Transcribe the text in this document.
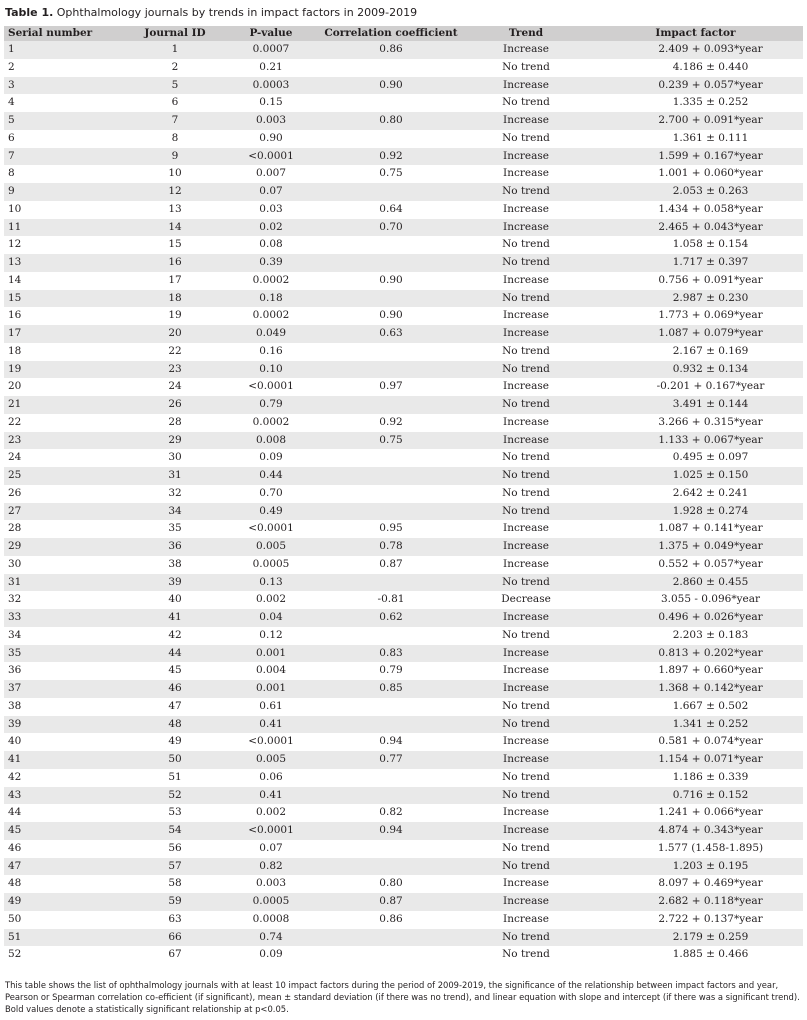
Table 1. Ophthalmology journals by trends in impact factors in 2009-2019
Serial number	Journal ID	P-value	Correlation coefficient	Trend	Impact factor
1	1	0.0007	0.86	Increase	2.409 + 0.093*year
2	2	0.21		No trend	4.186 ± 0.440
3	5	0.0003	0.90	Increase	0.239 + 0.057*year
4	6	0.15		No trend	1.335 ± 0.252
5	7	0.003	0.80	Increase	2.700 + 0.091*year
6	8	0.90		No trend	1.361 ± 0.111
7	9	<0.0001	0.92	Increase	1.599 + 0.167*year
8	10	0.007	0.75	Increase	1.001 + 0.060*year
9	12	0.07		No trend	2.053 ± 0.263
10	13	0.03	0.64	Increase	1.434 + 0.058*year
11	14	0.02	0.70	Increase	2.465 + 0.043*year
12	15	0.08		No trend	1.058 ± 0.154
13	16	0.39		No trend	1.717 ± 0.397
14	17	0.0002	0.90	Increase	0.756 + 0.091*year
15	18	0.18		No trend	2.987 ± 0.230
16	19	0.0002	0.90	Increase	1.773 + 0.069*year
17	20	0.049	0.63	Increase	1.087 + 0.079*year
18	22	0.16		No trend	2.167 ± 0.169
19	23	0.10		No trend	0.932 ± 0.134
20	24	<0.0001	0.97	Increase	-0.201 + 0.167*year
21	26	0.79		No trend	3.491 ± 0.144
22	28	0.0002	0.92	Increase	3.266 + 0.315*year
23	29	0.008	0.75	Increase	1.133 + 0.067*year
24	30	0.09		No trend	0.495 ± 0.097
25	31	0.44		No trend	1.025 ± 0.150
26	32	0.70		No trend	2.642 ± 0.241
27	34	0.49		No trend	1.928 ± 0.274
28	35	<0.0001	0.95	Increase	1.087 + 0.141*year
29	36	0.005	0.78	Increase	1.375 + 0.049*year
30	38	0.0005	0.87	Increase	0.552 + 0.057*year
31	39	0.13		No trend	2.860 ± 0.455
32	40	0.002	-0.81	Decrease	3.055 - 0.096*year
33	41	0.04	0.62	Increase	0.496 + 0.026*year
34	42	0.12		No trend	2.203 ± 0.183
35	44	0.001	0.83	Increase	0.813 + 0.202*year
36	45	0.004	0.79	Increase	1.897 + 0.660*year
37	46	0.001	0.85	Increase	1.368 + 0.142*year
38	47	0.61		No trend	1.667 ± 0.502
39	48	0.41		No trend	1.341 ± 0.252
40	49	<0.0001	0.94	Increase	0.581 + 0.074*year
41	50	0.005	0.77	Increase	1.154 + 0.071*year
42	51	0.06		No trend	1.186 ± 0.339
43	52	0.41		No trend	0.716 ± 0.152
44	53	0.002	0.82	Increase	1.241 + 0.066*year
45	54	<0.0001	0.94	Increase	4.874 + 0.343*year
46	56	0.07		No trend	1.577 (1.458-1.895)
47	57	0.82		No trend	1.203 ± 0.195
48	58	0.003	0.80	Increase	8.097 + 0.469*year
49	59	0.0005	0.87	Increase	2.682 + 0.118*year
50	63	0.0008	0.86	Increase	2.722 + 0.137*year
51	66	0.74		No trend	2.179 ± 0.259
52	67	0.09		No trend	1.885 ± 0.466
This table shows the list of ophthalmology journals with at least 10 impact factors during the period of 2009-2019, the significance of the relationship between impact factors and year, Pearson or Spearman correlation co-efficient (if significant), mean ± standard deviation (if there was no trend), and linear equation with slope and intercept (if there was a significant trend). Bold values denote a statistically significant relationship at p<0.05.
